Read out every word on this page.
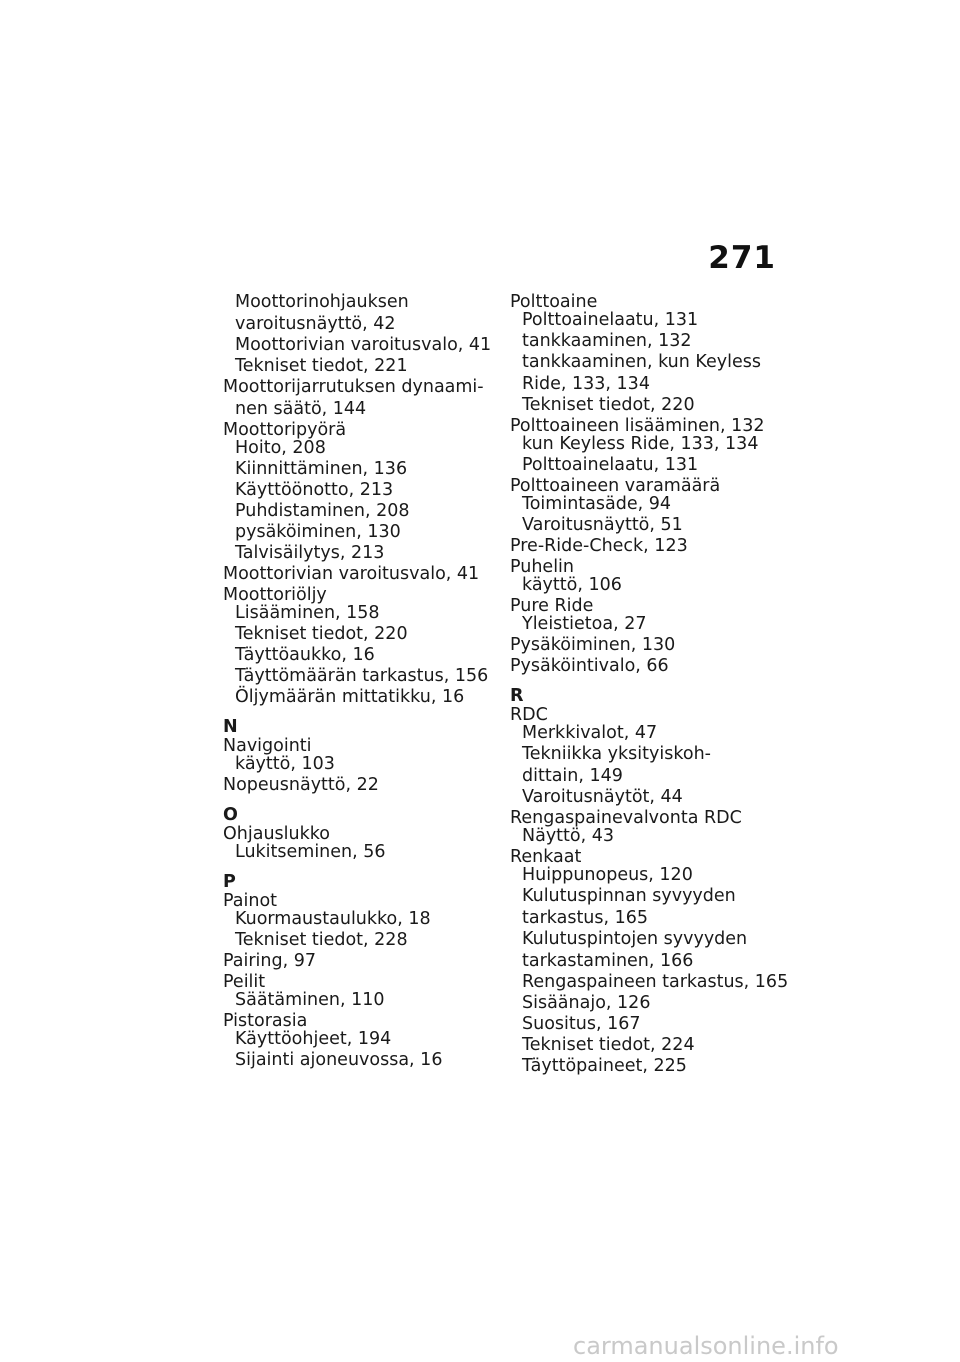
271
Moottorinohjauksen
varoitusnäyttö, 42
Moottorivian varoitusvalo, 41
Tekniset tiedot, 221
Moottorijarrutuksen dynaami-
nen säätö, 144
Moottoripyörä
Hoito, 208
Kiinnittäminen, 136
Käyttöönotto, 213
Puhdistaminen, 208
pysäköiminen, 130
Talvisäilytys, 213
Moottorivian varoitusvalo, 41
Moottoriöljy
Lisääminen, 158
Tekniset tiedot, 220
Täyttöaukko, 16
Täyttömäärän tarkastus, 156
Öljymäärän mittatikku, 16
N
Navigointi
käyttö, 103
Nopeusnäyttö, 22
O
Ohjauslukko
Lukitseminen, 56
P
Painot
Kuormaustaulukko, 18
Tekniset tiedot, 228
Pairing, 97
Peilit
Säätäminen, 110
Pistorasia
Käyttöohjeet, 194
Sijainti ajoneuvossa, 16
Polttoaine
Polttoainelaatu, 131
tankkaaminen, 132
tankkaaminen, kun Keyless
Ride, 133, 134
Tekniset tiedot, 220
Polttoaineen lisääminen, 132
kun Keyless Ride, 133, 134
Polttoainelaatu, 131
Polttoaineen varamäärä
Toimintasäde, 94
Varoitusnäyttö, 51
Pre-Ride-Check, 123
Puhelin
käyttö, 106
Pure Ride
Yleistietoa, 27
Pysäköiminen, 130
Pysäköintivalo, 66
R
RDC
Merkkivalot, 47
Tekniikka yksityiskoh-
dittain, 149
Varoitusnäytöt, 44
Rengaspainevalvonta RDC
Näyttö, 43
Renkaat
Huippunopeus, 120
Kulutuspinnan syvyyden
tarkastus, 165
Kulutuspintojen syvyyden
tarkastaminen, 166
Rengaspaineen tarkastus, 165
Sisäänajo, 126
Suositus, 167
Tekniset tiedot, 224
Täyttöpaineet, 225
carmanualsonline.info
